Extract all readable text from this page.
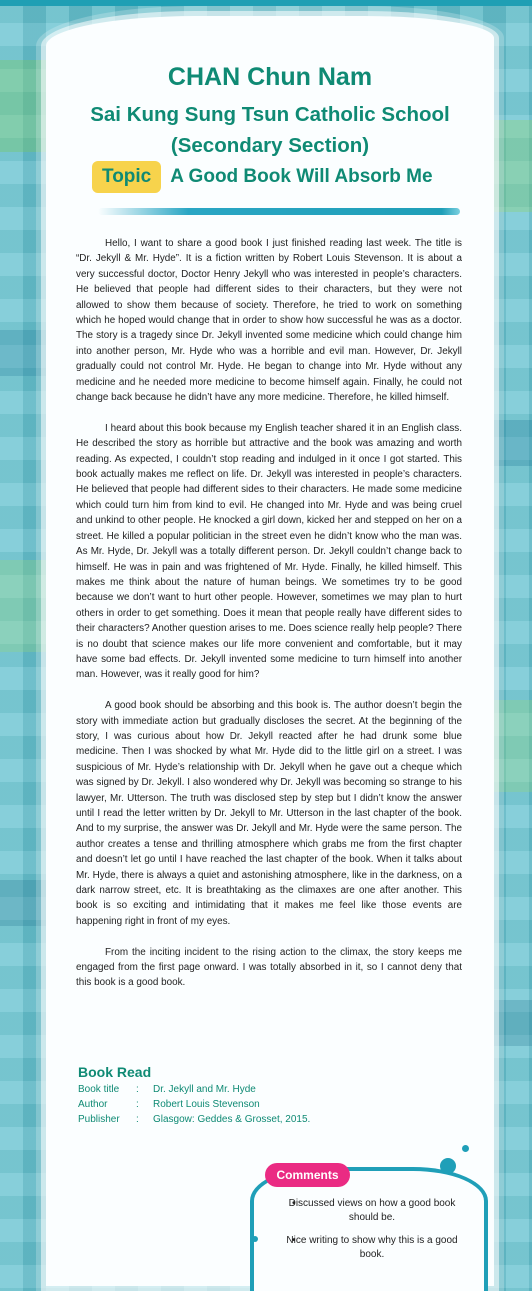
CHAN Chun Nam
Sai Kung Sung Tsun Catholic School
(Secondary Section)
Topic	A Good Book Will Absorb Me

Hello, I want to share a good book I just finished reading last week. The title is “Dr. Jekyll & Mr. Hyde”. It is a fiction written by Robert Louis Stevenson. It is about a very successful doctor, Doctor Henry Jekyll who was interested in people’s characters. He believed that people had different sides to their characters, but they were not allowed to show them because of society. Therefore, he tried to work on something which he hoped would change that in order to show how successful he was as a doctor. The story is a tragedy since Dr. Jekyll invented some medicine which could change him into another person, Mr. Hyde who was a horrible and evil man. However, Dr. Jekyll gradually could not control Mr. Hyde. He began to change into Mr. Hyde without any medicine and he needed more medicine to become himself again. Finally, he could not change back because he didn’t have any more medicine. Therefore, he killed himself.

I heard about this book because my English teacher shared it in an English class. He described the story as horrible but attractive and the book was amazing and worth reading. As expected, I couldn’t stop reading and indulged in it once I got started. This book actually makes me reflect on life. Dr. Jekyll was interested in people’s characters. He believed that people had different sides to their characters. He made some medicine which could turn him from kind to evil. He changed into Mr. Hyde and was being cruel and unkind to other people. He knocked a girl down, kicked her and stepped on her on a street. He killed a popular politician in the street even he didn’t know who the man was. As Mr. Hyde, Dr. Jekyll was a totally different person. Dr. Jekyll couldn’t change back to himself. He was in pain and was frightened of Mr. Hyde. Finally, he killed himself. This makes me think about the nature of human beings. We sometimes try to be good because we don’t want to hurt other people. However, sometimes we may plan to hurt others in order to get something. Does it mean that people really have different sides to their characters? Another question arises to me. Does science really help people? There is no doubt that science makes our life more convenient and comfortable, but it may have some bad effects. Dr. Jekyll invented some medicine to turn himself into another man. However, was it really good for him?

A good book should be absorbing and this book is. The author doesn’t begin the story with immediate action but gradually discloses the secret. At the beginning of the story, I was curious about how Dr. Jekyll reacted after he had drunk some blue medicine. Then I was shocked by what Mr. Hyde did to the little girl on a street. I was suspicious of Mr. Hyde’s relationship with Dr. Jekyll when he gave out a cheque which was signed by Dr. Jekyll. I also wondered why Dr. Jekyll was becoming so strange to his lawyer, Mr. Utterson. The truth was disclosed step by step but I didn’t know the answer until I read the letter written by Dr. Jekyll to Mr. Utterson in the last chapter of the book. And to my surprise, the answer was Dr. Jekyll and Mr. Hyde were the same person. The author creates a tense and thrilling atmosphere which grabs me from the first chapter and doesn’t let go until I have reached the last chapter of the book. When it talks about Mr. Hyde, there is always a quiet and astonishing atmosphere, like in the darkness, on a dark narrow street, etc. It is breathtaking as the climaxes are one after another. This book is so exciting and intimidating that it makes me feel like those events are happening right in front of my eyes.

From the inciting incident to the rising action to the climax, the story keeps me engaged from the first page onward. I was totally absorbed in it, so I cannot deny that this book is a good book.

Book Read
Book title	:	Dr. Jekyll and Mr. Hyde
Author	:	Robert Louis Stevenson
Publisher	:	Glasgow: Geddes & Grosset, 2015.
Comments
• Discussed views on how a good book should be.
• Nice writing to show why this is a good book.
